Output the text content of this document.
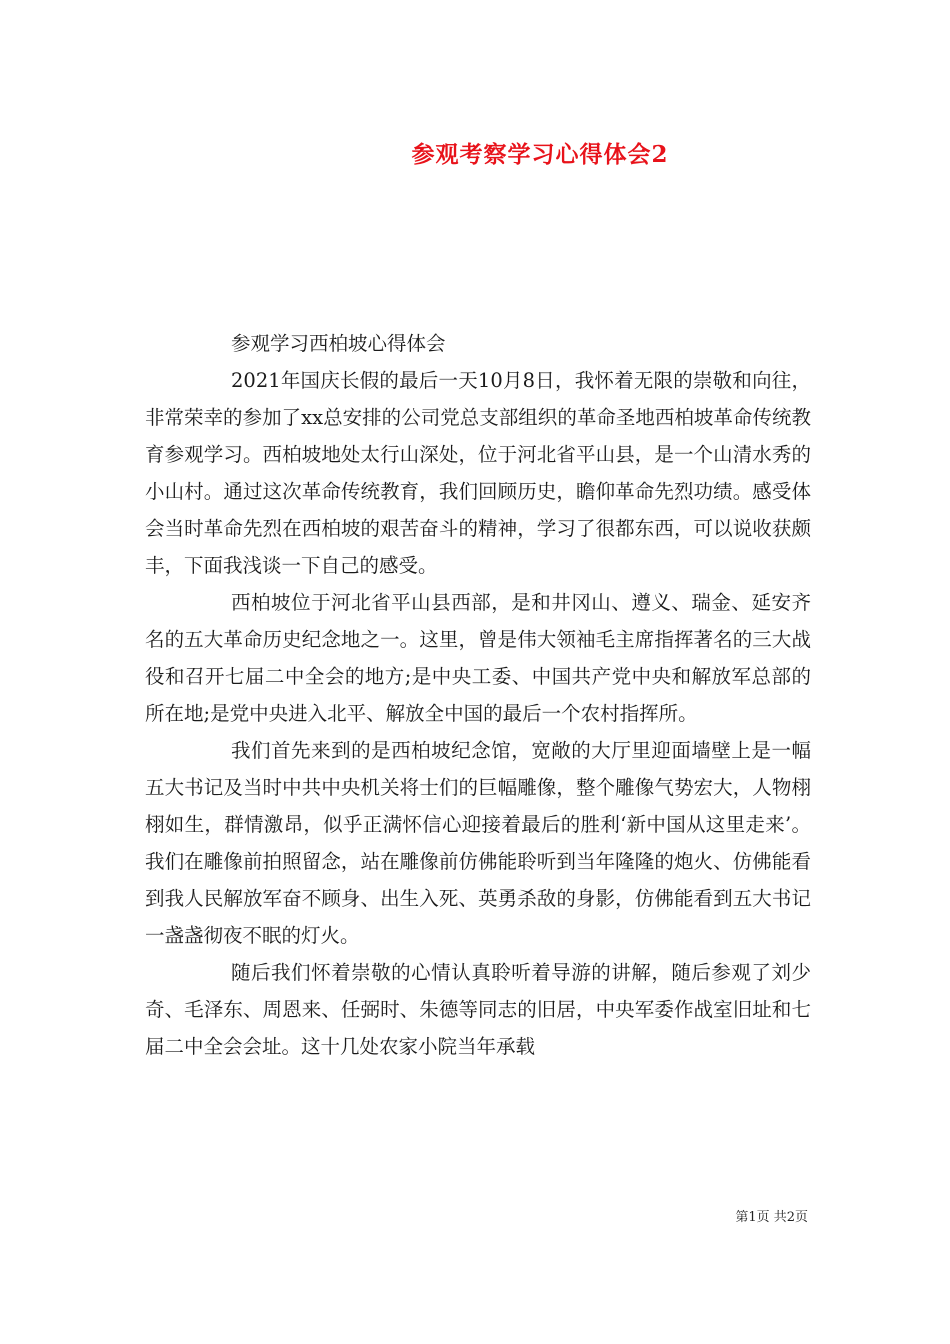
参观考察学习心得体会2

参观学习西柏坡心得体会

2021年国庆长假的最后一天10月8日，我怀着无限的崇敬和向往，非常荣幸的参加了xx总安排的公司党总支部组织的革命圣地西柏坡革命传统教育参观学习。西柏坡地处太行山深处，位于河北省平山县，是一个山清水秀的小山村。通过这次革命传统教育，我们回顾历史，瞻仰革命先烈功绩。感受体会当时革命先烈在西柏坡的艰苦奋斗的精神，学习了很都东西，可以说收获颇丰，下面我浅谈一下自己的感受。

西柏坡位于河北省平山县西部，是和井冈山、遵义、瑞金、延安齐名的五大革命历史纪念地之一。这里，曾是伟大领袖毛主席指挥著名的三大战役和召开七届二中全会的地方;是中央工委、中国共产党中央和解放军总部的所在地;是党中央进入北平、解放全中国的最后一个农村指挥所。

我们首先来到的是西柏坡纪念馆，宽敞的大厅里迎面墙壁上是一幅五大书记及当时中共中央机关将士们的巨幅雕像，整个雕像气势宏大，人物栩栩如生，群情激昂，似乎正满怀信心迎接着最后的胜利‘新中国从这里走来’。我们在雕像前拍照留念，站在雕像前仿佛能聆听到当年隆隆的炮火、仿佛能看到我人民解放军奋不顾身、出生入死、英勇杀敌的身影，仿佛能看到五大书记一盏盏彻夜不眠的灯火。

随后我们怀着崇敬的心情认真聆听着导游的讲解，随后参观了刘少奇、毛泽东、周恩来、任弼时、朱德等同志的旧居，中央军委作战室旧址和七届二中全会会址。这十几处农家小院当年承载

第1页 共2页
